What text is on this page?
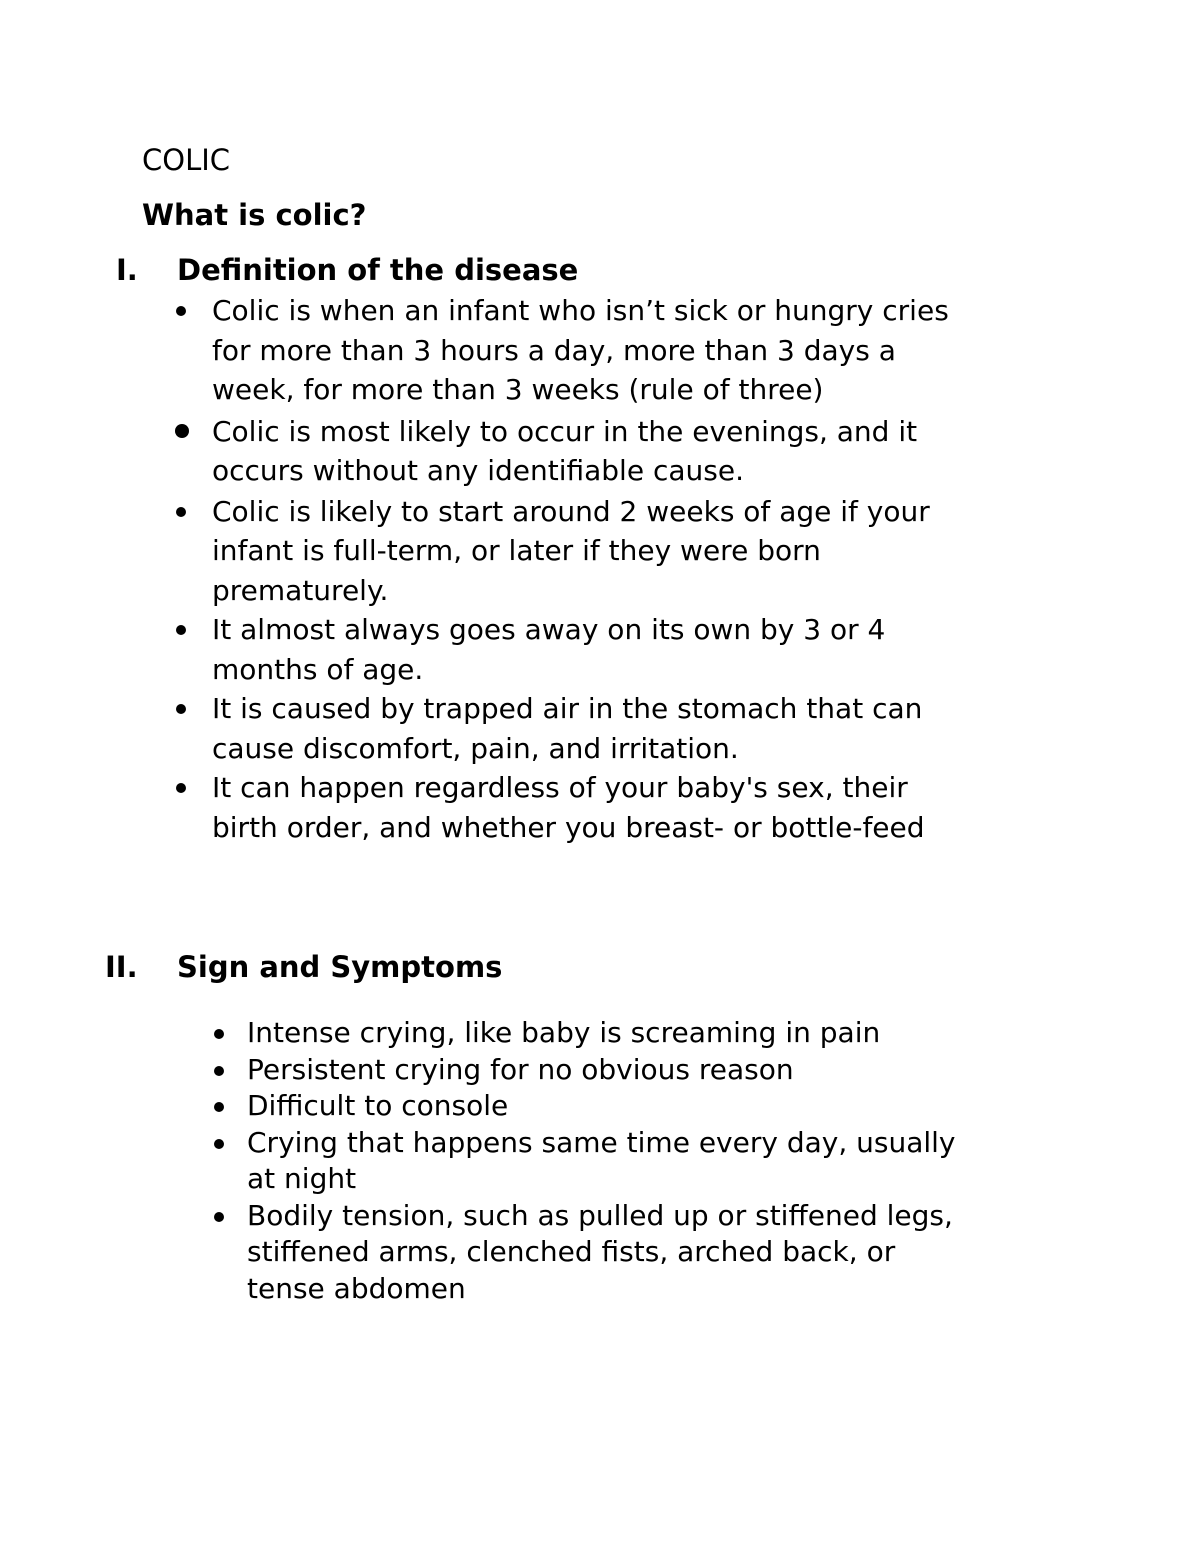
COLIC
What is colic?
I. Definition of the disease
Colic is when an infant who isn’t sick or hungry cries
for more than 3 hours a day, more than 3 days a
week, for more than 3 weeks (rule of three)
Colic is most likely to occur in the evenings, and it
occurs without any identifiable cause.
Colic is likely to start around 2 weeks of age if your
infant is full-term, or later if they were born
prematurely.
It almost always goes away on its own by 3 or 4
months of age.
It is caused by trapped air in the stomach that can
cause discomfort, pain, and irritation.
It can happen regardless of your baby's sex, their
birth order, and whether you breast- or bottle-feed
II. Sign and Symptoms
Intense crying, like baby is screaming in pain
Persistent crying for no obvious reason
Difficult to console
Crying that happens same time every day, usually
at night
Bodily tension, such as pulled up or stiffened legs,
stiffened arms, clenched fists, arched back, or
tense abdomen
